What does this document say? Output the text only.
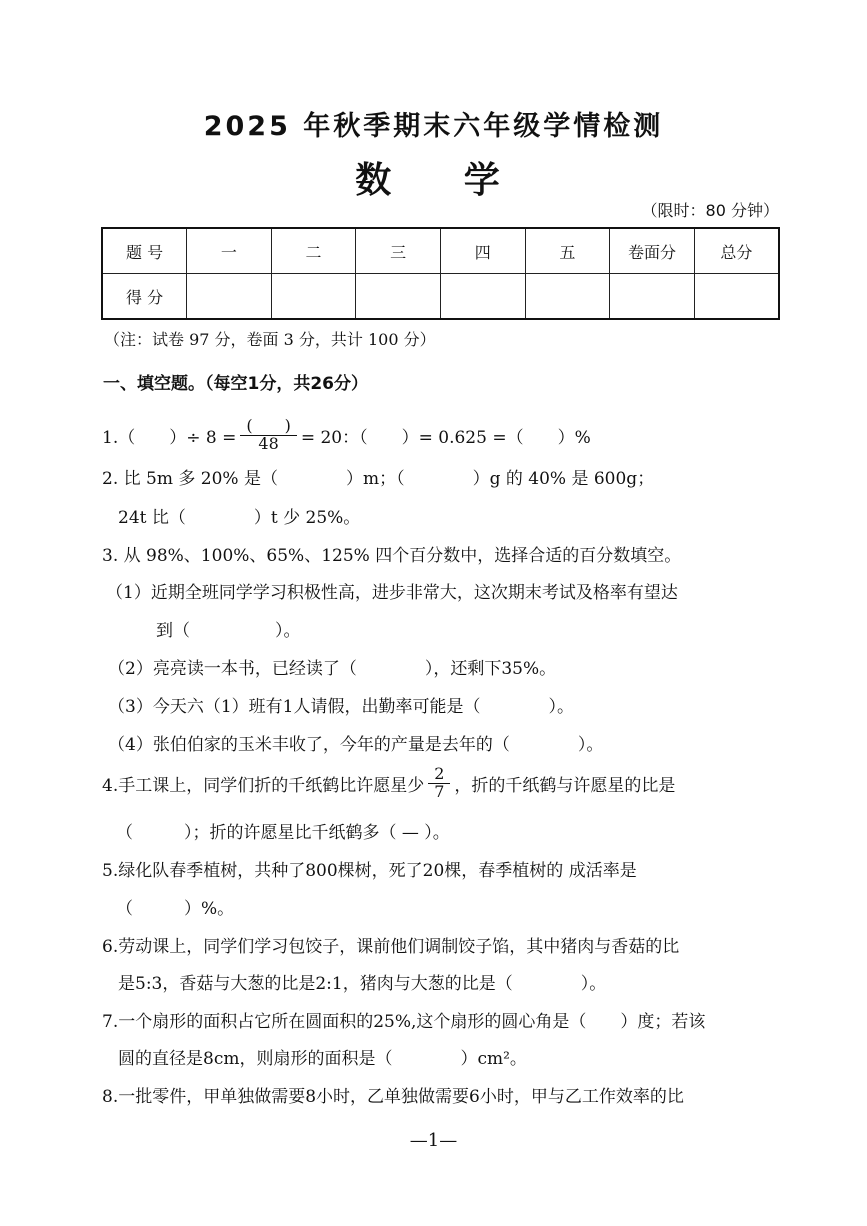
2025 年秋季期末六年级学情检测
数 学
（限时：80 分钟）
题 号	一	二	三	四	五	卷面分	总分
得 分							
（注：试卷 97 分，卷面 3 分，共计 100 分）
一、填空题。（每空1分，共26分）
1.（　　）÷ $8 = \frac{( )}{48} = 20$：（　　）= 0.625 =（　　）%
2. 比 5m 多 20% 是（　　　　）m；（　　　　）g 的 40% 是 600g；
24t 比（　　　　）t 少 25%。
3. 从 98%、100%、65%、125% 四个百分数中，选择合适的百分数填空。
（1）近期全班同学学习积极性高，进步非常大，这次期末考试及格率有望达
到（　　　　　）。
（2）亮亮读一本书，已经读了（　　　　），还剩下35%。
（3）今天六（1）班有1人请假，出勤率可能是（　　　　）。
（4）张伯伯家的玉米丰收了，今年的产量是去年的（　　　　）。
4.手工课上，同学们折的千纸鹤比许愿星少 $\frac{2}{7}$ ，折的千纸鹤与许愿星的比是
（　　　）；折的许愿星比千纸鹤多（ — ）。
5.绿化队春季植树，共种了800棵树，死了20棵，春季植树的 成活率是
（　　　）%。
6.劳动课上，同学们学习包饺子，课前他们调制饺子馅，其中猪肉与香菇的比
是5:3，香菇与大葱的比是2:1，猪肉与大葱的比是（　　　　）。
7.一个扇形的面积占它所在圆面积的25%,这个扇形的圆心角是（　　）度；若该
圆的直径是8cm，则扇形的面积是（　　　　）cm²。
8.一批零件，甲单独做需要8小时，乙单独做需要6小时，甲与乙工作效率的比
—1—
